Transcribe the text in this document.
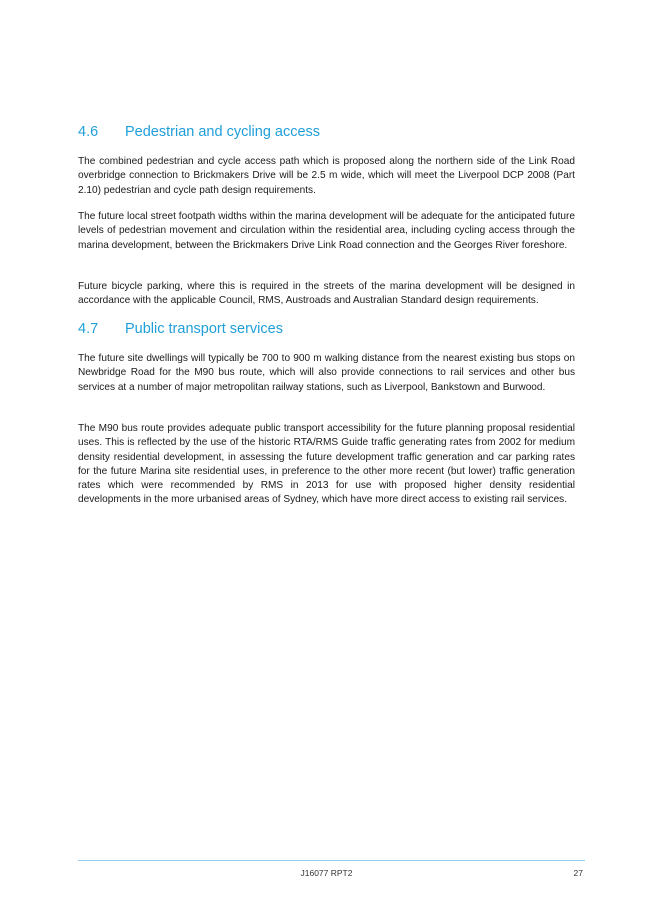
4.6 Pedestrian and cycling access

The combined pedestrian and cycle access path which is proposed along the northern side of the Link Road overbridge connection to Brickmakers Drive will be 2.5 m wide, which will meet the Liverpool DCP 2008 (Part 2.10) pedestrian and cycle path design requirements.

The future local street footpath widths within the marina development will be adequate for the anticipated future levels of pedestrian movement and circulation within the residential area, including cycling access through the marina development, between the Brickmakers Drive Link Road connection and the Georges River foreshore.

Future bicycle parking, where this is required in the streets of the marina development will be designed in accordance with the applicable Council, RMS, Austroads and Australian Standard design requirements.

4.7 Public transport services

The future site dwellings will typically be 700 to 900 m walking distance from the nearest existing bus stops on Newbridge Road for the M90 bus route, which will also provide connections to rail services and other bus services at a number of major metropolitan railway stations, such as Liverpool, Bankstown and Burwood.

The M90 bus route provides adequate public transport accessibility for the future planning proposal residential uses. This is reflected by the use of the historic RTA/RMS Guide traffic generating rates from 2002 for medium density residential development, in assessing the future development traffic generation and car parking rates for the future Marina site residential uses, in preference to the other more recent (but lower) traffic generation rates which were recommended by RMS in 2013 for use with proposed higher density residential developments in the more urbanised areas of Sydney, which have more direct access to existing rail services.

J16077 RPT2	27
